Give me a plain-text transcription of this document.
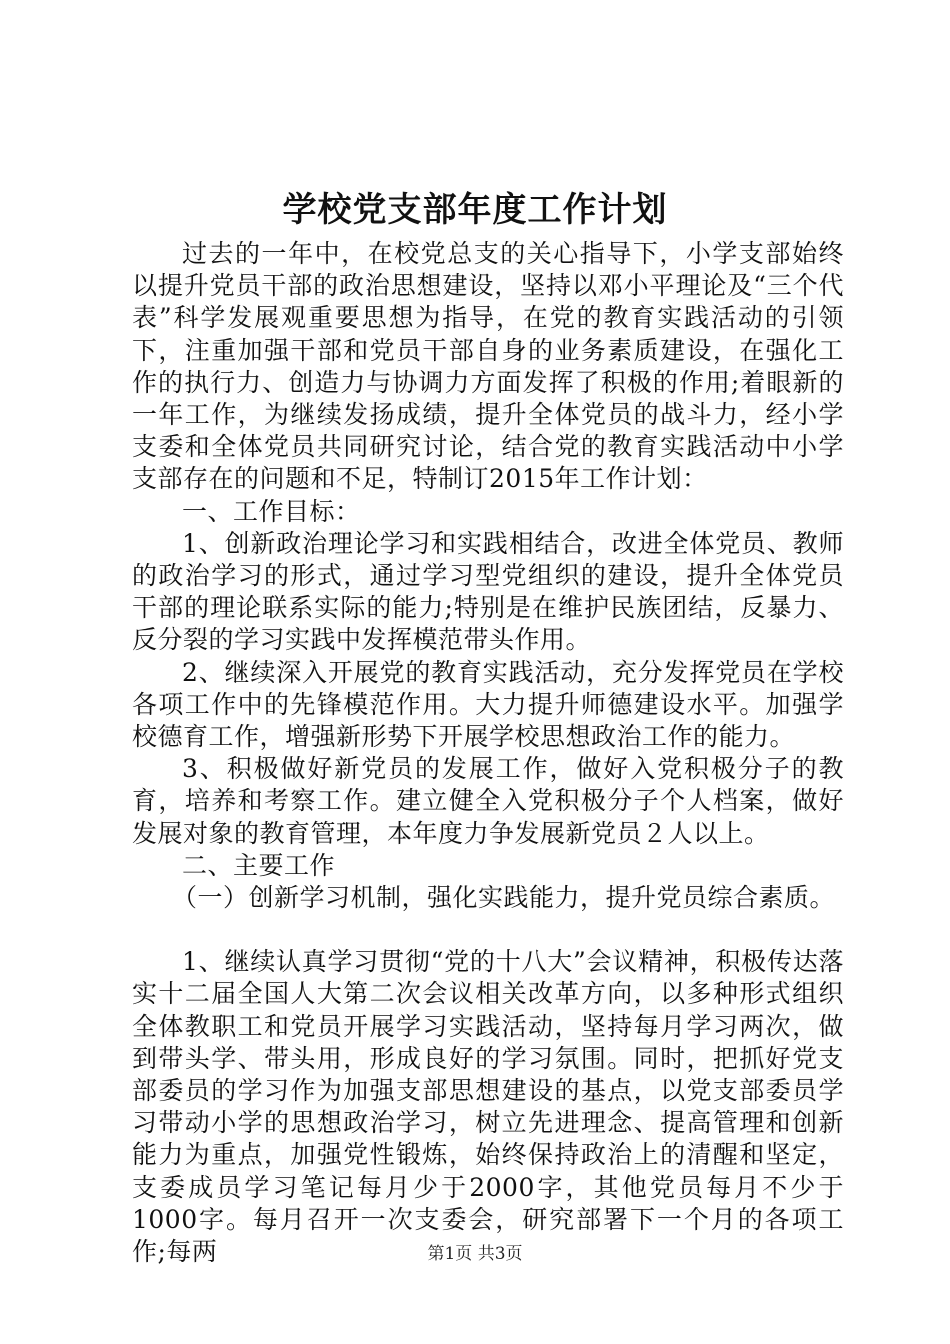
学校党支部年度工作计划

过去的一年中，在校党总支的关心指导下，小学支部始终以提升党员干部的政治思想建设，坚持以邓小平理论及“三个代表”科学发展观重要思想为指导，在党的教育实践活动的引领下，注重加强干部和党员干部自身的业务素质建设，在强化工作的执行力、创造力与协调力方面发挥了积极的作用;着眼新的一年工作，为继续发扬成绩，提升全体党员的战斗力，经小学支委和全体党员共同研究讨论，结合党的教育实践活动中小学支部存在的问题和不足，特制订2015年工作计划：

一、工作目标：

1、创新政治理论学习和实践相结合，改进全体党员、教师的政治学习的形式，通过学习型党组织的建设，提升全体党员干部的理论联系实际的能力;特别是在维护民族团结，反暴力、反分裂的学习实践中发挥模范带头作用。

2、继续深入开展党的教育实践活动，充分发挥党员在学校各项工作中的先锋模范作用。大力提升师德建设水平。加强学校德育工作，增强新形势下开展学校思想政治工作的能力。

3、积极做好新党员的发展工作，做好入党积极分子的教育，培养和考察工作。建立健全入党积极分子个人档案，做好发展对象的教育管理，本年度力争发展新党员２人以上。

二、主要工作

（一）创新学习机制，强化实践能力，提升党员综合素质。

1、继续认真学习贯彻“党的十八大”会议精神，积极传达落实十二届全国人大第二次会议相关改革方向，以多种形式组织全体教职工和党员开展学习实践活动，坚持每月学习两次，做到带头学、带头用，形成良好的学习氛围。同时，把抓好党支部委员的学习作为加强支部思想建设的基点，以党支部委员学习带动小学的思想政治学习，树立先进理念、提高管理和创新能力为重点，加强党性锻炼，始终保持政治上的清醒和坚定，支委成员学习笔记每月少于2000字，其他党员每月不少于1000字。每月召开一次支委会，研究部署下一个月的各项工作;每两	第1页 共3页
